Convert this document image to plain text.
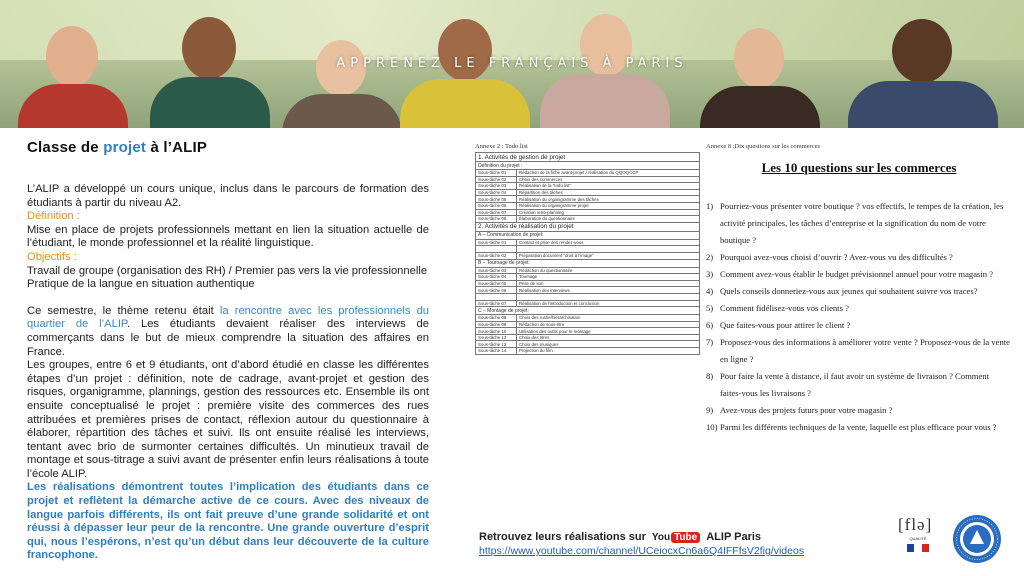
APPRENEZ LE FRANÇAIS À PARIS
Classe de projet à l’ALIP

L’ALIP a développé un cours unique, inclus dans le parcours de formation des étudiants à partir du niveau A2.

Définition :

Mise en place de projets professionnels mettant en lien la situation actuelle de l’étudiant, le monde professionnel et la réalité linguistique.

Objectifs :

Travail de groupe (organisation des RH) / Premier pas vers la vie professionnelle

Pratique de la langue en situation authentique

Ce semestre, le thème retenu était la rencontre avec les professionnels du quartier de l’ALIP. Les étudiants devaient réaliser des interviews de commerçants dans le but de mieux comprendre la situation des affaires en France.

Les groupes, entre 6 et 9 étudiants, ont d’abord étudié en classe les différentes étapes d’un projet : définition, note de cadrage, avant-projet et gestion des risques, organigramme, plannings, gestion des ressources etc. Ensemble ils ont ensuite conceptualisé le projet : première visite des commerces des rues attribuées et premières prises de contact, réflexion autour du questionnaire à élaborer, répartition des tâches et suivi. Ils ont ensuite réalisé les interviews, tentant avec brio de surmonter certaines difficultés. Un minutieux travail de montage et sous-titrage a suivi avant de présenter enfin leurs réalisations à toute l’école ALIP.

Les réalisations démontrent toutes l’implication des étudiants dans ce projet et reflètent la démarche active de ce cours. Avec des niveaux de langue parfois différents, ils ont fait preuve d’une grande solidarité et ont réussi à dépasser leur peur de la rencontre. Une grande ouverture d’esprit qui, nous l’espérons, n’est qu’un début dans leur découverte de la culture francophone.

Annexe 2 : Todo list
1. Activités de gestion de projet	
Définition du projet :	
Sous-tâche 01	Rédaction de la fiche avant-projet / réalisation du QQOQCCP
Sous-tâche 02	Choix des commerces
Sous-tâche 03	Réalisation de la "todo list"
Sous-tâche 04	Répartition des tâches
Sous-tâche 05	Réalisation du organigramme des tâches
Sous-tâche 06	Réalisation du organigramme projet
Sous-tâche 07	Création retro-planning
Sous-tâche 08	Élaboration du questionnaire
2. Activités de réalisation du projet	
A – Communication de projet:	
Sous-tâche 01	Contact et prise des rendez-vous

Sous-tâche 02	Préparation document "droit à l'image"
B – Tournage de projet:	
Sous-tâche 03	Rédaction du questionnaire
Sous-tâche 04	Tournage
Sous-tâche 05	Prise de son
Sous-tâche 06	Réalisation des interviews

Sous-tâche 07	Réalisation de l'introduction et conclusion
C – Montage de projet:	
Sous-tâche 08	Choix des rushe/hiérarchisation
Sous-tâche 09	Rédaction de sous-titre
Sous-tâche 10	Utilisation des outils pour le montage
Sous-tâche 12	Choix des titres
Sous-tâche 13	Choix des musiques
Sous-tâche 14	Projection du film
Annexe 8 :Dix questions sur les commerces
Les 10 questions sur les commerces
1) Pourriez-vous présenter votre boutique ? vos effectifs, le tempes de la création, les activité principales, les tâches d’entreprise et la signification du nom de votre boutique ?
2) Pourquoi avez-vous choisi d’ouvrir ? Avez-vous vu des difficultés ?
3) Comment avez-vous établir le budget prévisionnel annuel pour votre magasin ?
4) Quels conseils donneriez-vous aux jeunes qui souhaitent suivre vos traces?
5) Comment fidélisez-vous vos clients ?
6) Que faites-vous pour attirer le client ?
7) Proposez-vous des informations à améliorer votre vente ? Proposez-vous de la vente en ligne ?
8) Pour faire la vente à distance, il faut avoir un système de livraison ? Comment faites-vous les livraisons ?
9) Avez-vous des projets futurs pour votre magasin ?
10) Parmi les différents techniques de la vente, laquelle est plus efficace pour vous ?
Retrouvez leurs réalisations sur You Tube ALIP Paris
https://www.youtube.com/channel/UCeiocxCn6a6Q4IFFfsV2fig/videos
[flə]
QUALITÉ
